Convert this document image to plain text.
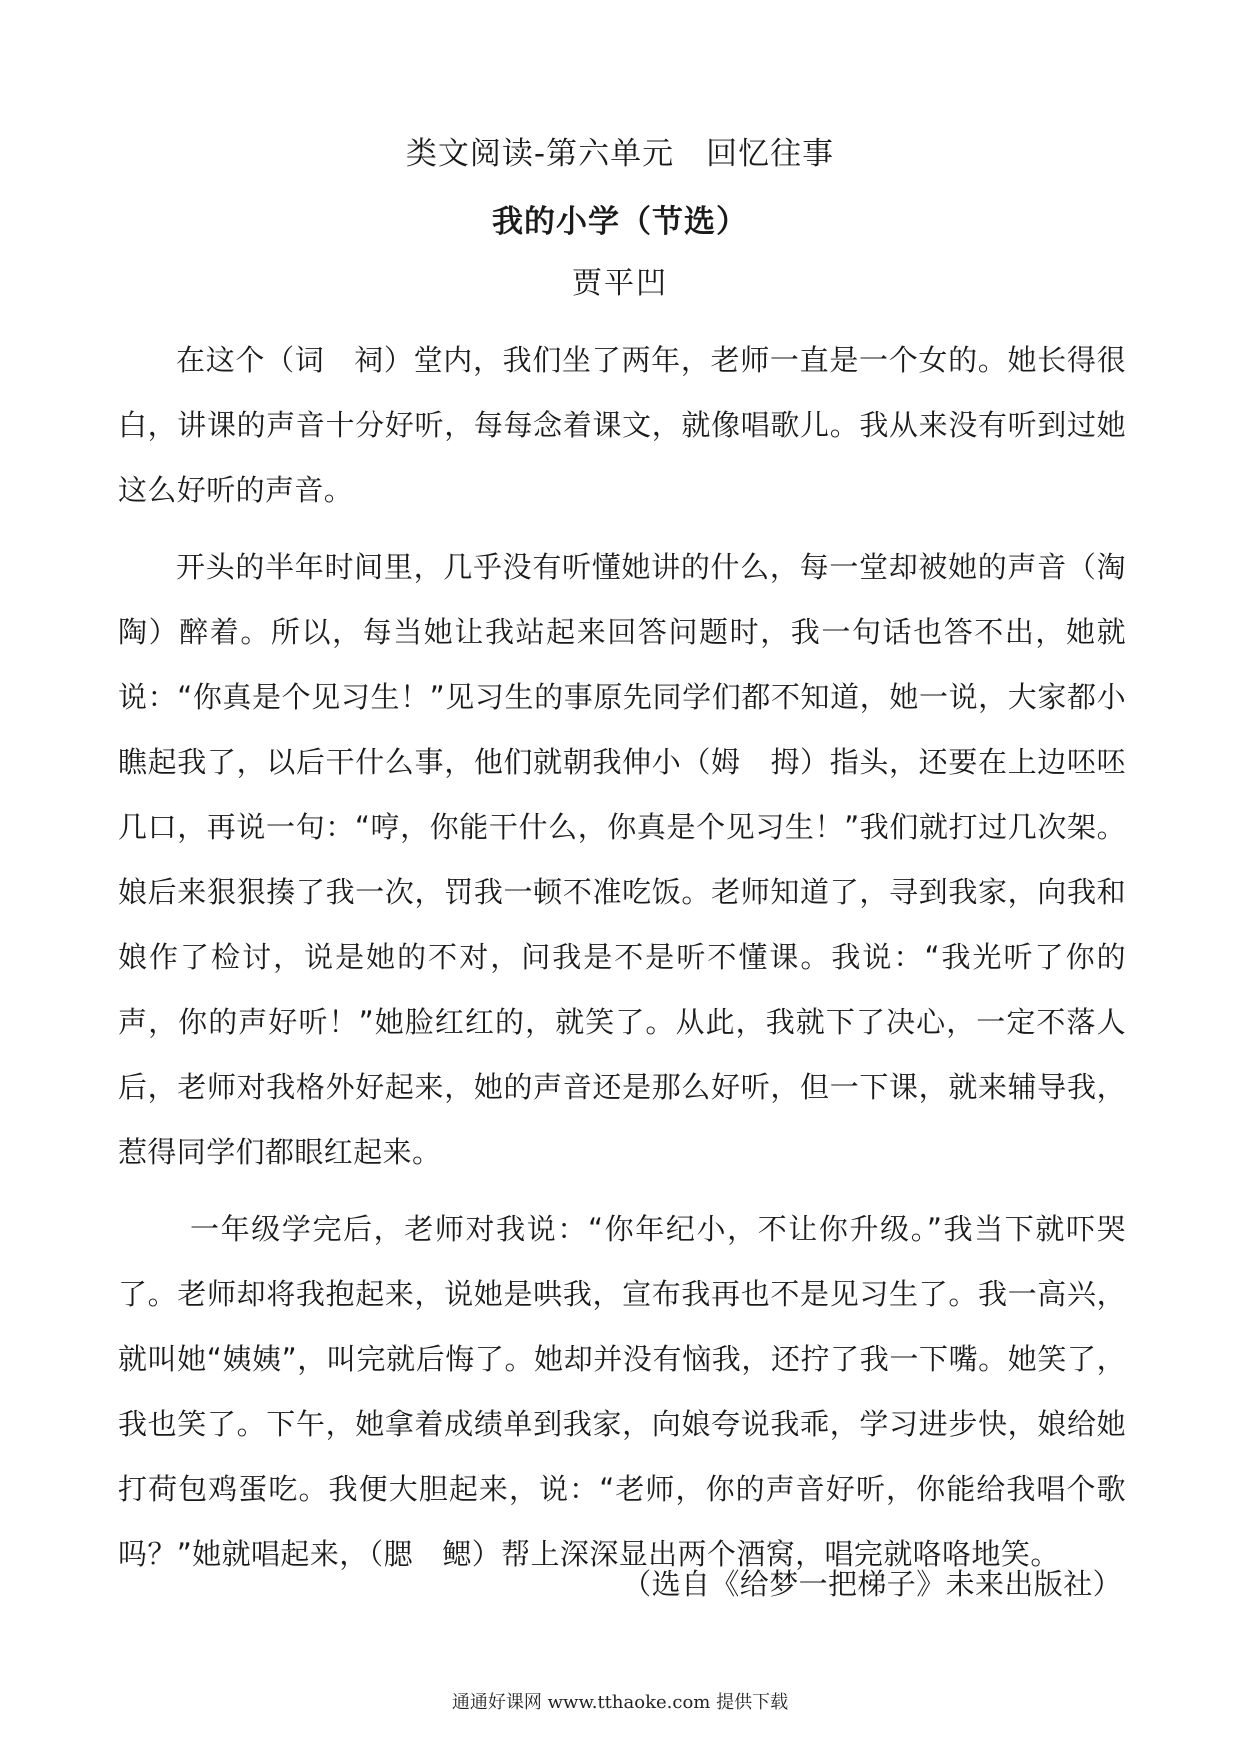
类文阅读-第六单元　回忆往事
我的小学（节选）
贾平凹

在这个（词　祠）堂内，我们坐了两年，老师一直是一个女的。她长得很白，讲课的声音十分好听，每每念着课文，就像唱歌儿。我从来没有听到过她这么好听的声音。

开头的半年时间里，几乎没有听懂她讲的什么，每一堂却被她的声音（淘　陶）醉着。所以，每当她让我站起来回答问题时，我一句话也答不出，她就说：“你真是个见习生！”见习生的事原先同学们都不知道，她一说，大家都小瞧起我了，以后干什么事，他们就朝我伸小（姆　拇）指头，还要在上边呸呸几口，再说一句：“哼，你能干什么，你真是个见习生！”我们就打过几次架。娘后来狠狠揍了我一次，罚我一顿不准吃饭。老师知道了，寻到我家，向我和娘作了检讨，说是她的不对，问我是不是听不懂课。我说：“我光听了你的声，你的声好听！”她脸红红的，就笑了。从此，我就下了决心，一定不落人后，老师对我格外好起来，她的声音还是那么好听，但一下课，就来辅导我，惹得同学们都眼红起来。

一年级学完后，老师对我说：“你年纪小，不让你升级。”我当下就吓哭了。老师却将我抱起来，说她是哄我，宣布我再也不是见习生了。我一高兴，就叫她“姨姨”，叫完就后悔了。她却并没有恼我，还拧了我一下嘴。她笑了，我也笑了。下午，她拿着成绩单到我家，向娘夸说我乖，学习进步快，娘给她打荷包鸡蛋吃。我便大胆起来，说：“老师，你的声音好听，你能给我唱个歌吗？”她就唱起来，（腮　鳃）帮上深深显出两个酒窝，唱完就咯咯地笑。

（选自《给梦一把梯子》未来出版社）
通通好课网 www.tthaoke.com 提供下载
